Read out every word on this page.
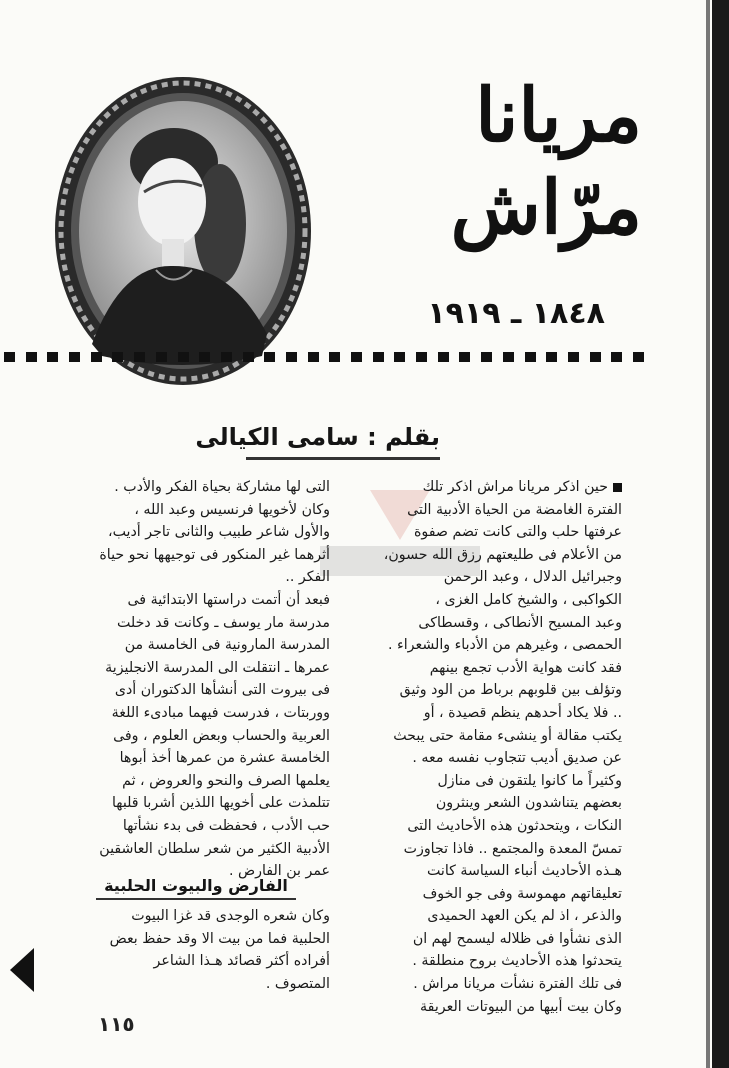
مريانا
مرّاش
١٨٤٨ ـ ١٩١٩
بقلم : سامى الكيالى
حين اذكر مريانا مراش اذكر تلك
الفترة الغامضة من الحياة الأدبية التى
عرفتها حلب والتى كانت تضم صفوة
من الأعلام فى طليعتهم رزق الله حسون،
وجبرائيل الدلال ، وعبد الرحمن
الكواكبى ، والشيخ كامل الغزى ،
وعبد المسيح الأنطاكى ، وقسطاكى
الحمصى ، وغيرهم من الأدباء والشعراء .
فقد كانت هواية الأدب تجمع بينهم
وتؤلف بين قلوبهم برباط من الود وثيق
.. فلا يكاد أحدهم ينظم قصيدة ، أو
يكتب مقالة أو ينشىء مقامة حتى يبحث
عن صديق أديب تتجاوب نفسه معه .
وكثيراً ما كانوا يلتقون فى منازل
بعضهم يتناشدون الشعر وينثرون
النكات ، ويتحدثون هذه الأحاديث التى
تمسّ المعدة والمجتمع .. فاذا تجاوزت
هـذه الأحاديث أنباء السياسة كانت
تعليقاتهم مهموسة وفى جو الخوف
والذعر ، اذ لم يكن العهد الحميدى
الذى نشأوا فى ظلاله ليسمح لهم ان
يتحدثوا هذه الأحاديث بروح منطلقة .
فى تلك الفترة نشأت مريانا مراش .
وكان بيت أبيها من البيوتات العريقة
التى لها مشاركة بحياة الفكر والأدب .
وكان لأخويها فرنسيس وعبد الله ،
والأول شاعر طبيب والثانى تاجر أديب،
أثرهما غير المنكور فى توجيهها نحو حياة
الفكر ..
فبعد أن أتمت دراستها الابتدائية فى
مدرسة مار يوسف ـ وكانت قد دخلت
المدرسة المارونية فى الخامسة من
عمرها ـ انتقلت الى المدرسة الانجليزية
فى بيروت التى أنشأها الدكتوران أدى
ووربتات ، فدرست فيهما مبادىء اللغة
العربية والحساب وبعض العلوم ، وفى
الخامسة عشرة من عمرها أخذ أبوها
يعلمها الصرف والنحو والعروض ، ثم
تتلمذت على أخويها اللذين أشربا قلبها
حب الأدب ، فحفظت فى بدء نشأتها
الأدبية الكثير من شعر سلطان العاشقين
عمر بن الفارض .
الفارض والبيوت الحلبية
وكان شعره الوجدى قد غزا البيوت
الحلبية فما من بيت الا وقد حفظ بعض
أفراده أكثر قصائد هـذا الشاعر
المتصوف .
١١٥
